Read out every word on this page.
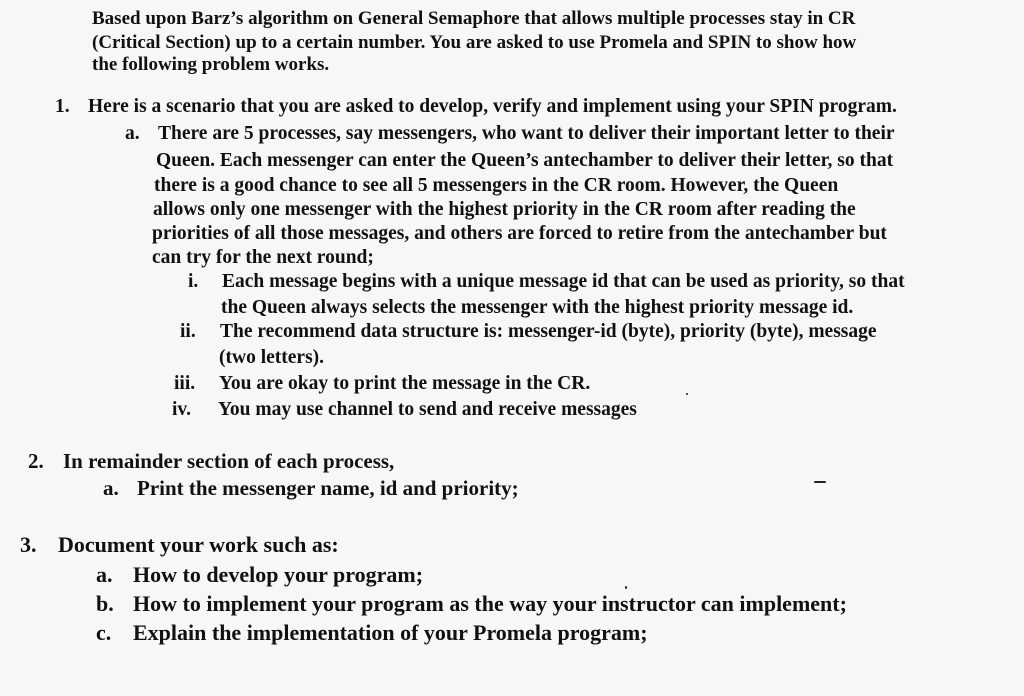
Based upon Barz’s algorithm on General Semaphore that allows multiple processes stay in CR
(Critical Section) up to a certain number. You are asked to use Promela and SPIN to show how
the following problem works.
1. Here is a scenario that you are asked to develop, verify and implement using your SPIN program.
a. There are 5 processes, say messengers, who want to deliver their important letter to their
Queen. Each messenger can enter the Queen’s antechamber to deliver their letter, so that
there is a good chance to see all 5 messengers in the CR room. However, the Queen
allows only one messenger with the highest priority in the CR room after reading the
priorities of all those messages, and others are forced to retire from the antechamber but
can try for the next round;
i. Each message begins with a unique message id that can be used as priority, so that
the Queen always selects the messenger with the highest priority message id.
ii. The recommend data structure is: messenger-id (byte), priority (byte), message
(two letters).
iii. You are okay to print the message in the CR.
iv. You may use channel to send and receive messages
2. In remainder section of each process,
a. Print the messenger name, id and priority;
3. Document your work such as:
a. How to develop your program;
b. How to implement your program as the way your instructor can implement;
c. Explain the implementation of your Promela program;
